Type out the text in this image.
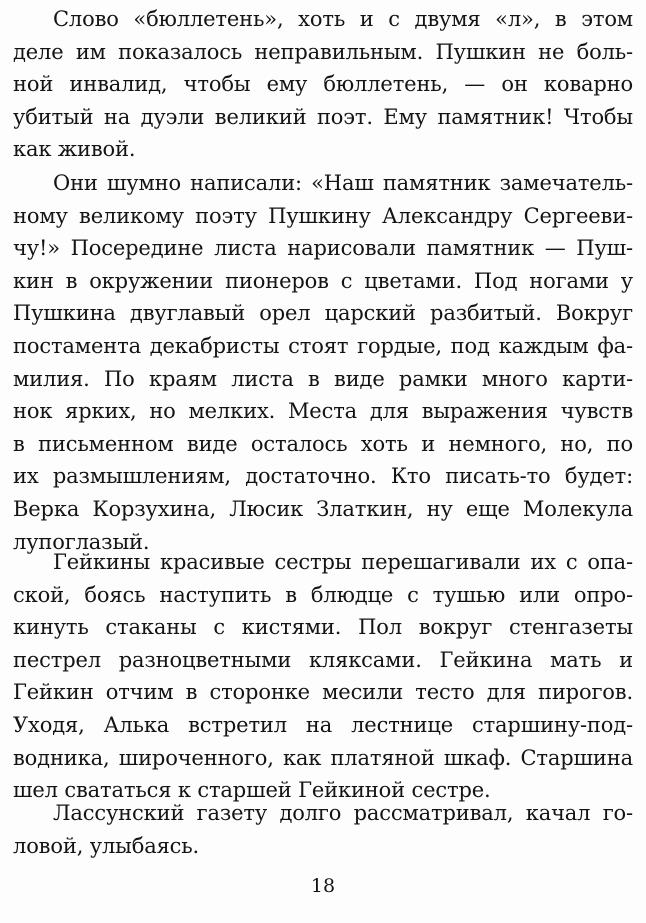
Слово «бюллетень», хоть и с двумя «л», в этом
деле им показалось неправильным. Пушкин не боль-
ной инвалид, чтобы ему бюллетень, — он коварно
убитый на дуэли великий поэт. Ему памятник! Чтобы
как живой.
Они шумно написали: «Наш памятник замечатель-
ному великому поэту Пушкину Александру Сергееви-
чу!» Посередине листа нарисовали памятник — Пуш-
кин в окружении пионеров с цветами. Под ногами у
Пушкина двуглавый орел царский разбитый. Вокруг
постамента декабристы стоят гордые, под каждым фа-
милия. По краям листа в виде рамки много карти-
нок ярких, но мелких. Места для выражения чувств
в письменном виде осталось хоть и немного, но, по
их размышлениям, достаточно. Кто писать-то будет:
Верка Корзухина, Люсик Златкин, ну еще Молекула
лупоглазый.
Гейкины красивые сестры перешагивали их с опа-
ской, боясь наступить в блюдце с тушью или опро-
кинуть стаканы с кистями. Пол вокруг стенгазеты
пестрел разноцветными кляксами. Гейкина мать и
Гейкин отчим в сторонке месили тесто для пирогов.
Уходя, Алька встретил на лестнице старшину-под-
водника, широченного, как платяной шкаф. Старшина
шел свататься к старшей Гейкиной сестре.
Лассунский газету долго рассматривал, качал го-
ловой, улыбаясь.
18
